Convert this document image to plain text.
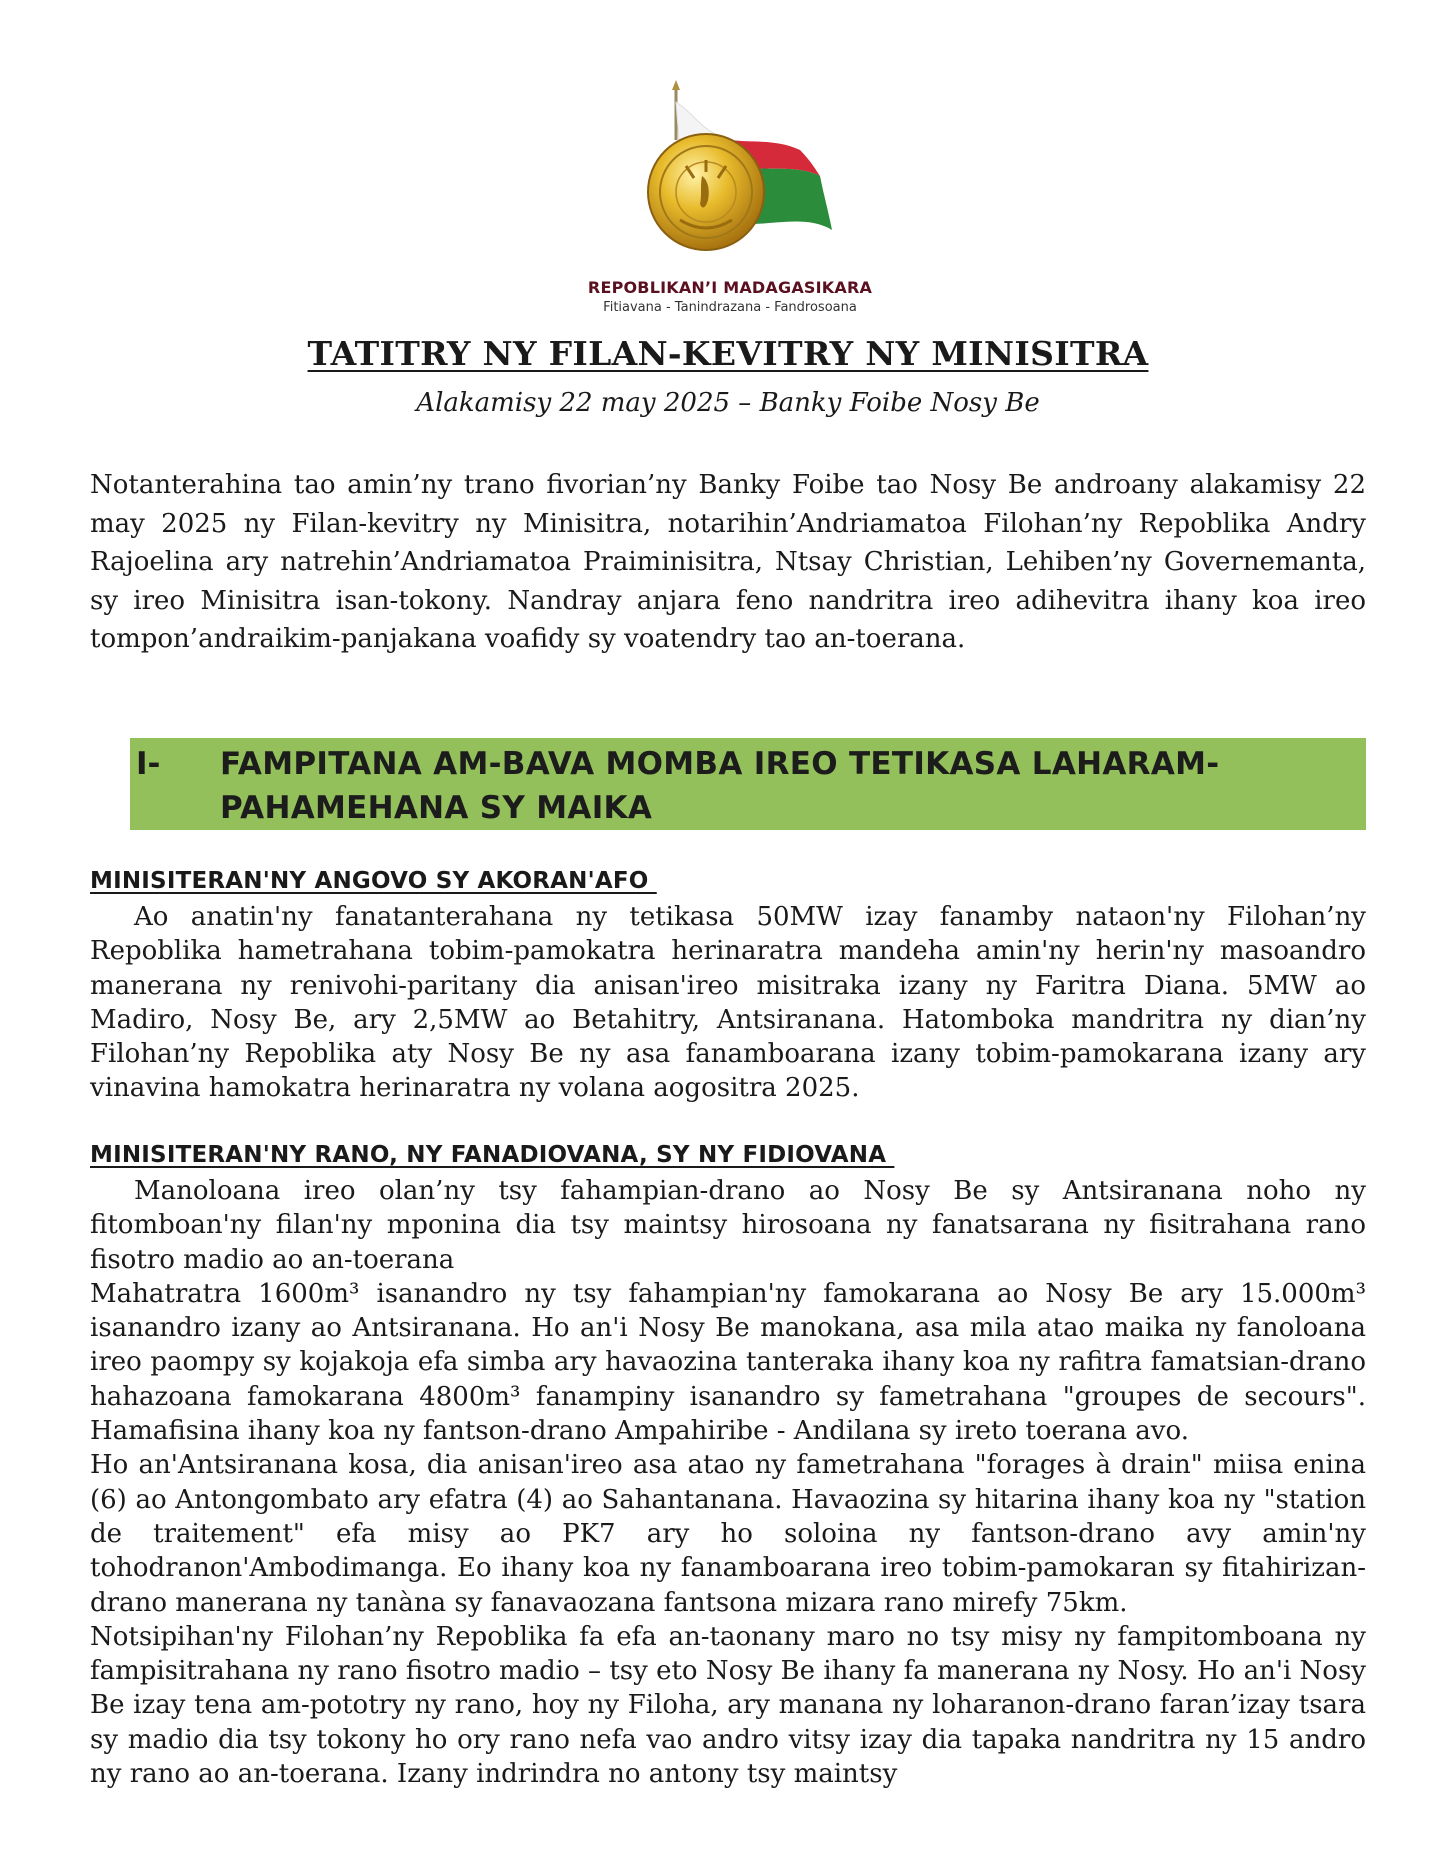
REPOBLIKAN’I MADAGASIKARA
Fitiavana - Tanindrazana - Fandrosoana
TATITRY NY FILAN-KEVITRY NY MINISITRA
Alakamisy 22 may 2025 – Banky Foibe Nosy Be
Notanterahina tao amin’ny trano fivorian’ny Banky Foibe tao Nosy Be androany alakamisy 22 may 2025 ny Filan-kevitry ny Minisitra, notarihin’Andriamatoa Filohan’ny Repoblika Andry Rajoelina ary natrehin’Andriamatoa Praiminisitra, Ntsay Christian, Lehiben’ny Governemanta, sy ireo Minisitra isan-tokony. Nandray anjara feno nandritra ireo adihevitra ihany koa ireo tompon’andraikim-panjakana voafidy sy voatendry tao an-toerana.
I- FAMPITANA AM-BAVA MOMBA IREO TETIKASA LAHARAM-PAHAMEHANA SY MAIKA
MINISITERAN'NY ANGOVO SY AKORAN'AFO

Ao anatin'ny fanatanterahana ny tetikasa 50MW izay fanamby nataon'ny Filohan’ny Repoblika hametrahana tobim-pamokatra herinaratra mandeha amin'ny herin'ny masoandro manerana ny renivohi-paritany dia anisan'ireo misitraka izany ny Faritra Diana. 5MW ao Madiro, Nosy Be, ary 2,5MW ao Betahitry, Antsiranana. Hatomboka mandritra ny dian’ny Filohan’ny Repoblika aty Nosy Be ny asa fanamboarana izany tobim-pamokarana izany ary vinavina hamokatra herinaratra ny volana aogositra 2025.

MINISITERAN'NY RANO, NY FANADIOVANA, SY NY FIDIOVANA

Manoloana ireo olan’ny tsy fahampian-drano ao Nosy Be sy Antsiranana noho ny fitomboan'ny filan'ny mponina dia tsy maintsy hirosoana ny fanatsarana ny fisitrahana rano fisotro madio ao an-toerana

Mahatratra 1600m³ isanandro ny tsy fahampian'ny famokarana ao Nosy Be ary 15.000m³ isanandro izany ao Antsiranana. Ho an'i Nosy Be manokana, asa mila atao maika ny fanoloana ireo paompy sy kojakoja efa simba ary havaozina tanteraka ihany koa ny rafitra famatsian-drano hahazoana famokarana 4800m³ fanampiny isanandro sy fametrahana "groupes de secours". Hamafisina ihany koa ny fantson-drano Ampahiribe - Andilana sy ireto toerana avo.

Ho an'Antsiranana kosa, dia anisan'ireo asa atao ny fametrahana "forages à drain" miisa enina (6) ao Antongombato ary efatra (4) ao Sahantanana. Havaozina sy hitarina ihany koa ny "station de traitement" efa misy ao PK7 ary ho soloina ny fantson-drano avy amin'ny tohodranon'Ambodimanga. Eo ihany koa ny fanamboarana ireo tobim-pamokaran sy fitahirizan-drano manerana ny tanàna sy fanavaozana fantsona mizara rano mirefy 75km.

Notsipihan'ny Filohan’ny Repoblika fa efa an-taonany maro no tsy misy ny fampitomboana ny fampisitrahana ny rano fisotro madio – tsy eto Nosy Be ihany fa manerana ny Nosy. Ho an'i Nosy Be izay tena am-pototry ny rano, hoy ny Filoha, ary manana ny loharanon-drano faran’izay tsara sy madio dia tsy tokony ho ory rano nefa vao andro vitsy izay dia tapaka nandritra ny 15 andro ny rano ao an-toerana. Izany indrindra no antony tsy maintsy
